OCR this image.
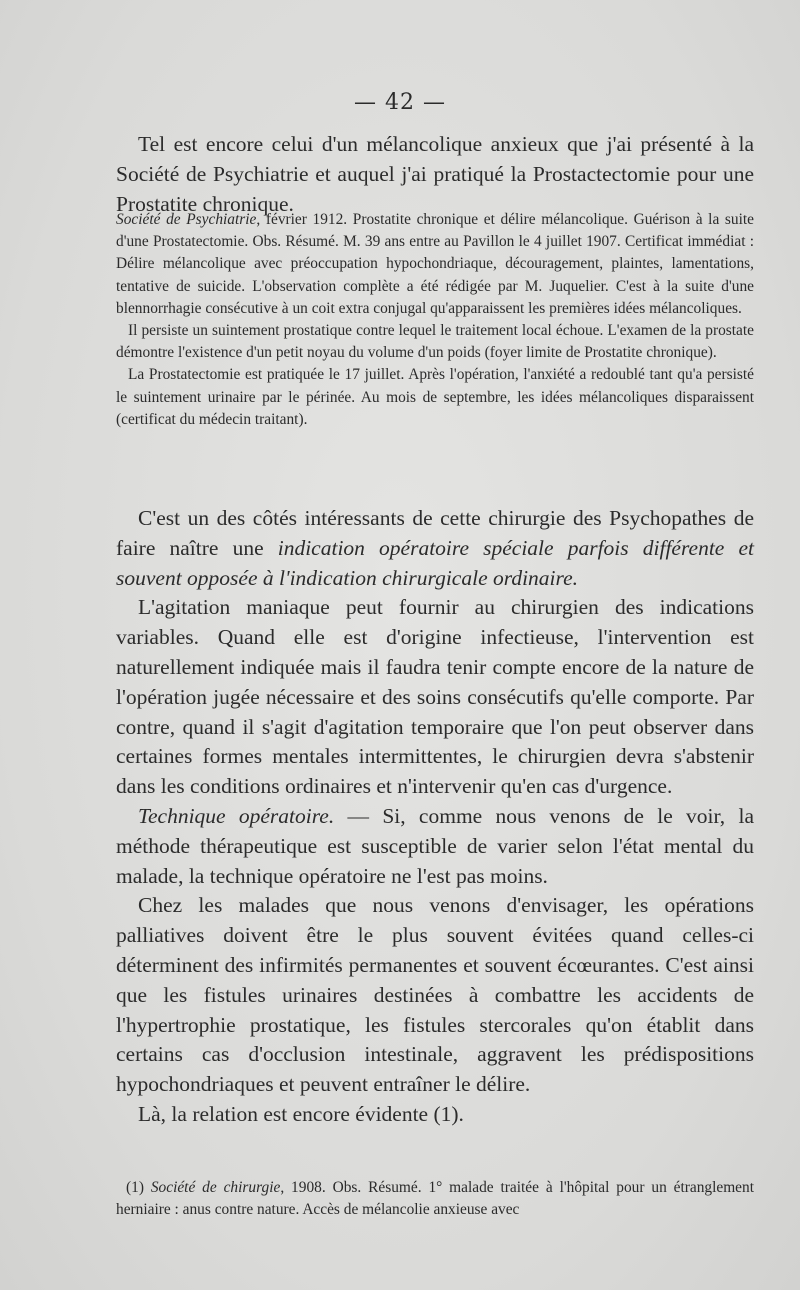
— 42 —

Tel est encore celui d'un mélancolique anxieux que j'ai présenté à la Société de Psychiatrie et auquel j'ai pratiqué la Prostactectomie pour une Prostatite chronique.

Société de Psychiatrie, février 1912. Prostatite chronique et délire mélancolique. Guérison à la suite d'une Prostatectomie. Obs. Résumé. M. 39 ans entre au Pavillon le 4 juillet 1907. Certificat immédiat : Délire mélancolique avec préoccupation hypochondriaque, découragement, plaintes, lamentations, tentative de suicide. L'observation complète a été rédigée par M. Juquelier. C'est à la suite d'une blennorrhagie consécutive à un coit extra conjugal qu'apparaissent les premières idées mélancoliques.

Il persiste un suintement prostatique contre lequel le traitement local échoue. L'examen de la prostate démontre l'existence d'un petit noyau du volume d'un poids (foyer limite de Prostatite chronique).

La Prostatectomie est pratiquée le 17 juillet. Après l'opération, l'anxiété a redoublé tant qu'a persisté le suintement urinaire par le périnée. Au mois de septembre, les idées mélancoliques disparaissent (certificat du médecin traitant).

C'est un des côtés intéressants de cette chirurgie des Psychopathes de faire naître une indication opératoire spéciale parfois différente et souvent opposée à l'indication chirurgicale ordinaire.

L'agitation maniaque peut fournir au chirurgien des indications variables. Quand elle est d'origine infectieuse, l'intervention est naturellement indiquée mais il faudra tenir compte encore de la nature de l'opération jugée nécessaire et des soins consécutifs qu'elle comporte. Par contre, quand il s'agit d'agitation temporaire que l'on peut observer dans certaines formes mentales intermittentes, le chirurgien devra s'abstenir dans les conditions ordinaires et n'intervenir qu'en cas d'urgence.

Technique opératoire. — Si, comme nous venons de le voir, la méthode thérapeutique est susceptible de varier selon l'état mental du malade, la technique opératoire ne l'est pas moins.

Chez les malades que nous venons d'envisager, les opérations palliatives doivent être le plus souvent évitées quand celles-ci déterminent des infirmités permanentes et souvent écœurantes. C'est ainsi que les fistules urinaires destinées à combattre les accidents de l'hypertrophie prostatique, les fistules stercorales qu'on établit dans certains cas d'occlusion intestinale, aggravent les prédispositions hypochondriaques et peuvent entraîner le délire.

Là, la relation est encore évidente (1).

(1) Société de chirurgie, 1908. Obs. Résumé. 1° malade traitée à l'hôpital pour un étranglement herniaire : anus contre nature. Accès de mélancolie anxieuse avec
